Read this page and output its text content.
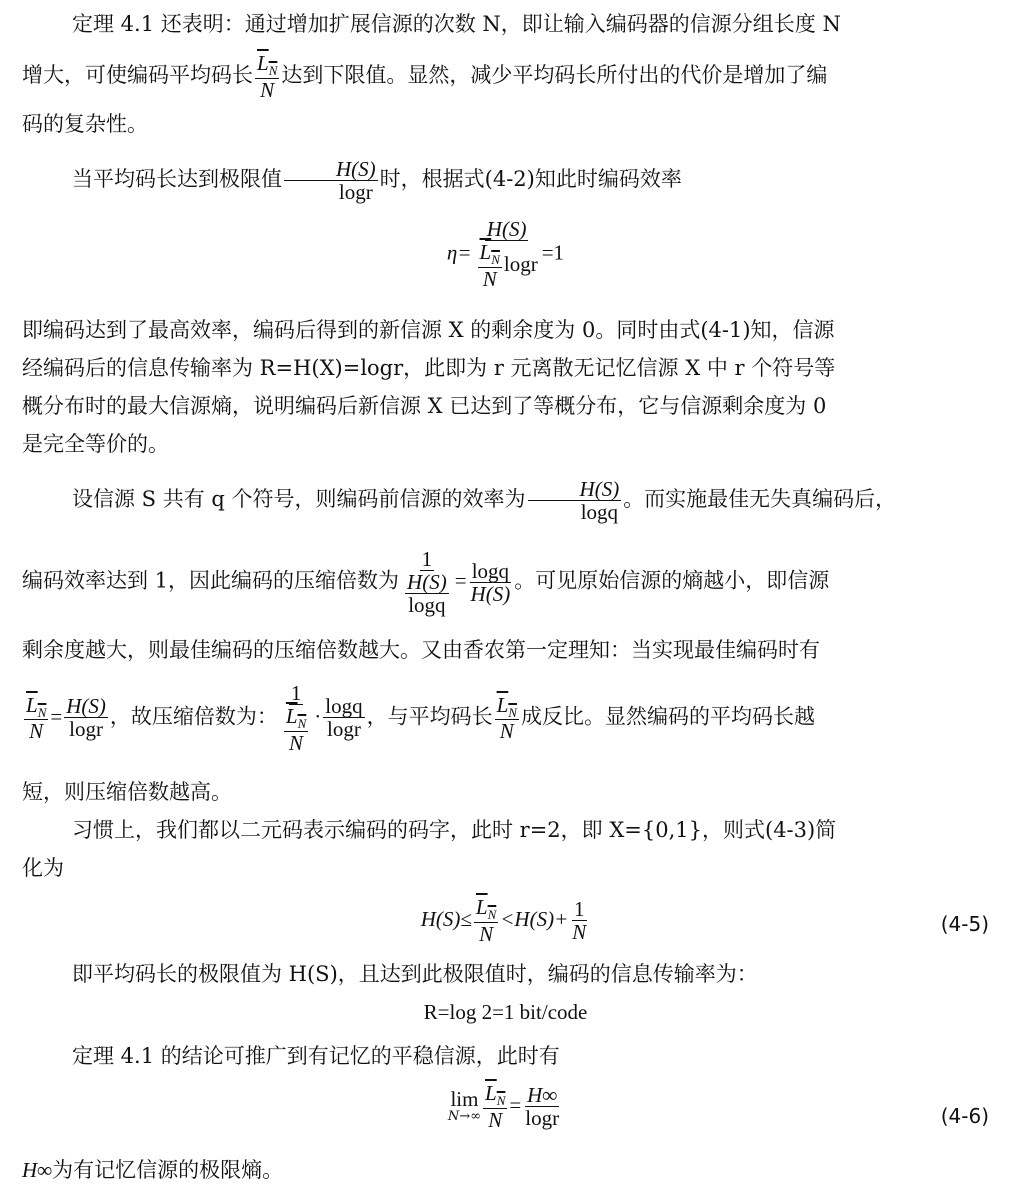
定理 4.1 还表明：通过增加扩展信源的次数 N，即让输入编码器的信源分组长度 N
增大，可使编码平均码长 $\frac{L_N}{N}$ 达到下限值。显然，减少平均码长所付出的代价是增加了编
码的复杂性。
当平均码长达到极限值 $\frac{H(S)}{\log r}$ 时，根据式(4-2)知此时编码效率
$\eta= \frac{H(S)}{\frac{L_N}{N} \log r} =1$
即编码达到了最高效率，编码后得到的新信源 X 的剩余度为 0。同时由式(4-1)知，信源
经编码后的信息传输率为 R=H(X)=logr，此即为 r 元离散无记忆信源 X 中 r 个符号等
概分布时的最大信源熵，说明编码后新信源 X 已达到了等概分布，它与信源剩余度为 0
是完全等价的。
设信源 S 共有 q 个符号，则编码前信源的效率为 $\frac{H(S)}{\log q}$ 。而实施最佳无失真编码后，
编码效率达到 1，因此编码的压缩倍数为 $\frac{1}{\frac{H(S)}{\log q}} = \frac{\log q}{H(S)}$ 。可见原始信源的熵越小，即信源
剩余度越大，则最佳编码的压缩倍数越大。又由香农第一定理知：当实现最佳编码时有
$\frac{L_N}{N} = \frac{H(S)}{\log r}$ ，故压缩倍数为： $\frac{1}{\frac{L_N}{N}} \cdot \frac{\log q}{\log r}$ ，与平均码长 $\frac{L_N}{N}$ 成反比。显然编码的平均码长越
短，则压缩倍数越高。
习惯上，我们都以二元码表示编码的码字，此时 r=2，即 X={0,1}，则式(4-3)简
化为
$H(S)\le \frac{L_N}{N} <H(S)+ \frac{1}{N}$	(4-5)
即平均码长的极限值为 H(S)，且达到此极限值时，编码的信息传输率为：
R=log 2=1 bit/code
定理 4.1 的结论可推广到有记忆的平稳信源，此时有
lim
$N\to\infty \frac{L_N}{N} = \frac{H\infty}{\log r}$	(4-6)
H∞为有记忆信源的极限熵。
